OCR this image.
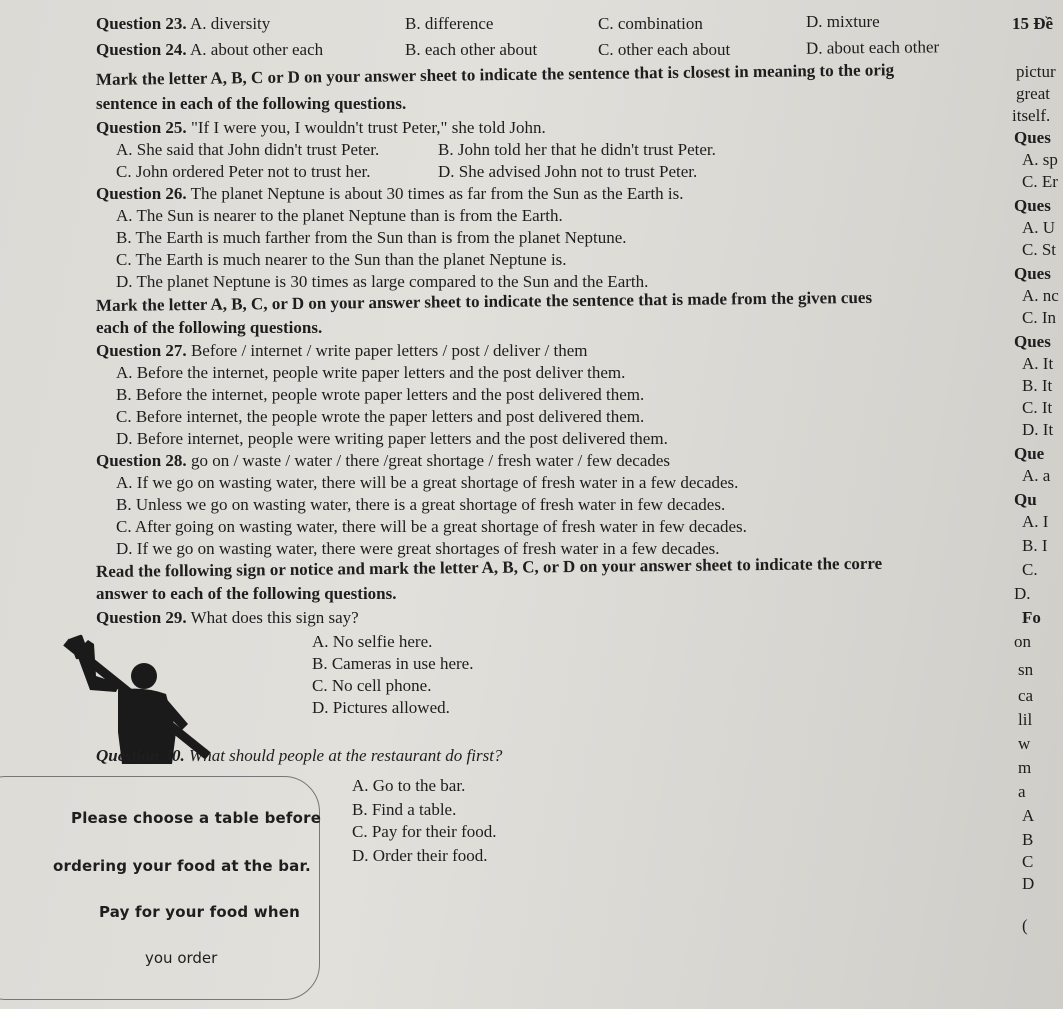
Question 23. A. diversity	B. difference	C. combination	D. mixture	15 Đề
Question 24. A. about other each	B. each other about	C. other each about	D. about each other
Mark the letter A, B, C or D on your answer sheet to indicate the sentence that is closest in meaning to the orig
sentence in each of the following questions.
Question 25. "If I were you, I wouldn't trust Peter," she told John.
A. She said that John didn't trust Peter.	B. John told her that he didn't trust Peter.
C. John ordered Peter not to trust her.	D. She advised John not to trust Peter.
Question 26. The planet Neptune is about 30 times as far from the Sun as the Earth is.
A. The Sun is nearer to the planet Neptune than is from the Earth.
B. The Earth is much farther from the Sun than is from the planet Neptune.
C. The Earth is much nearer to the Sun than the planet Neptune is.
D. The planet Neptune is 30 times as large compared to the Sun and the Earth.
Mark the letter A, B, C, or D on your answer sheet to indicate the sentence that is made from the given cues
each of the following questions.
Question 27. Before / internet / write paper letters / post / deliver / them
A. Before the internet, people write paper letters and the post deliver them.
B. Before the internet, people wrote paper letters and the post delivered them.
C. Before internet, the people wrote the paper letters and post delivered them.
D. Before internet, people were writing paper letters and the post delivered them.
Question 28. go on / waste / water / there /great shortage / fresh water / few decades
A. If we go on wasting water, there will be a great shortage of fresh water in a few decades.
B. Unless we go on wasting water, there is a great shortage of fresh water in few decades.
C. After going on wasting water, there will be a great shortage of fresh water in few decades.
D. If we go on wasting water, there were great shortages of fresh water in a few decades.
Read the following sign or notice and mark the letter A, B, C, or D on your answer sheet to indicate the corre
answer to each of the following questions.
Question 29. What does this sign say?
A. No selfie here.
B. Cameras in use here.
C. No cell phone.
D. Pictures allowed.
Question 30. What should people at the restaurant do first?
Please choose a table before
ordering your food at the bar.
Pay for your food when
you order
A. Go to the bar.
B. Find a table.
C. Pay for their food.
D. Order their food.
pictur
great
itself.
Ques
A. sp
C. Er
Ques
A. U
C. St
Ques
A. nc
C. In
Ques
A. It
B. It
C. It
D. It
Que
A. a
Qu
A. I
B. I
C.
D.
Fo
on
sn
ca
lil
w
m
a
A
B
C
D
(
